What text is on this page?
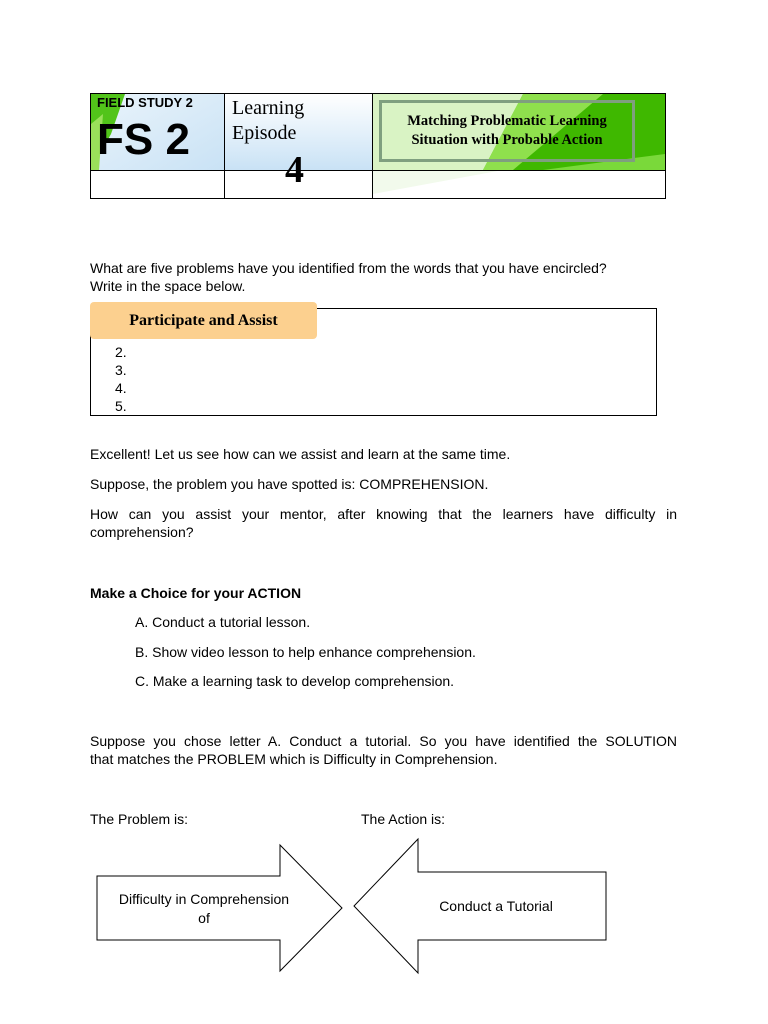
FIELD STUDY 2
FS 2
Learning
Episode
4
Matching Problematic Learning
Situation with Probable Action
What are five problems have you identified from the words that you have encircled?
Write in the space below.
2.
3.
4.
5.
Participate and Assist
Excellent! Let us see how can we assist and learn at the same time.
Suppose, the problem you have spotted is: COMPREHENSION.
How can you assist your mentor, after knowing that the learners have difficulty in
comprehension?
Make a Choice for your ACTION
A. Conduct a tutorial lesson.
B. Show video lesson to help enhance comprehension.
C. Make a learning task to develop comprehension.
Suppose you chose letter A. Conduct a tutorial. So you have identified the SOLUTION
that matches the PROBLEM which is Difficulty in Comprehension.
The Problem is:	The Action is:
Difficulty in Comprehension
of
Conduct a Tutorial
